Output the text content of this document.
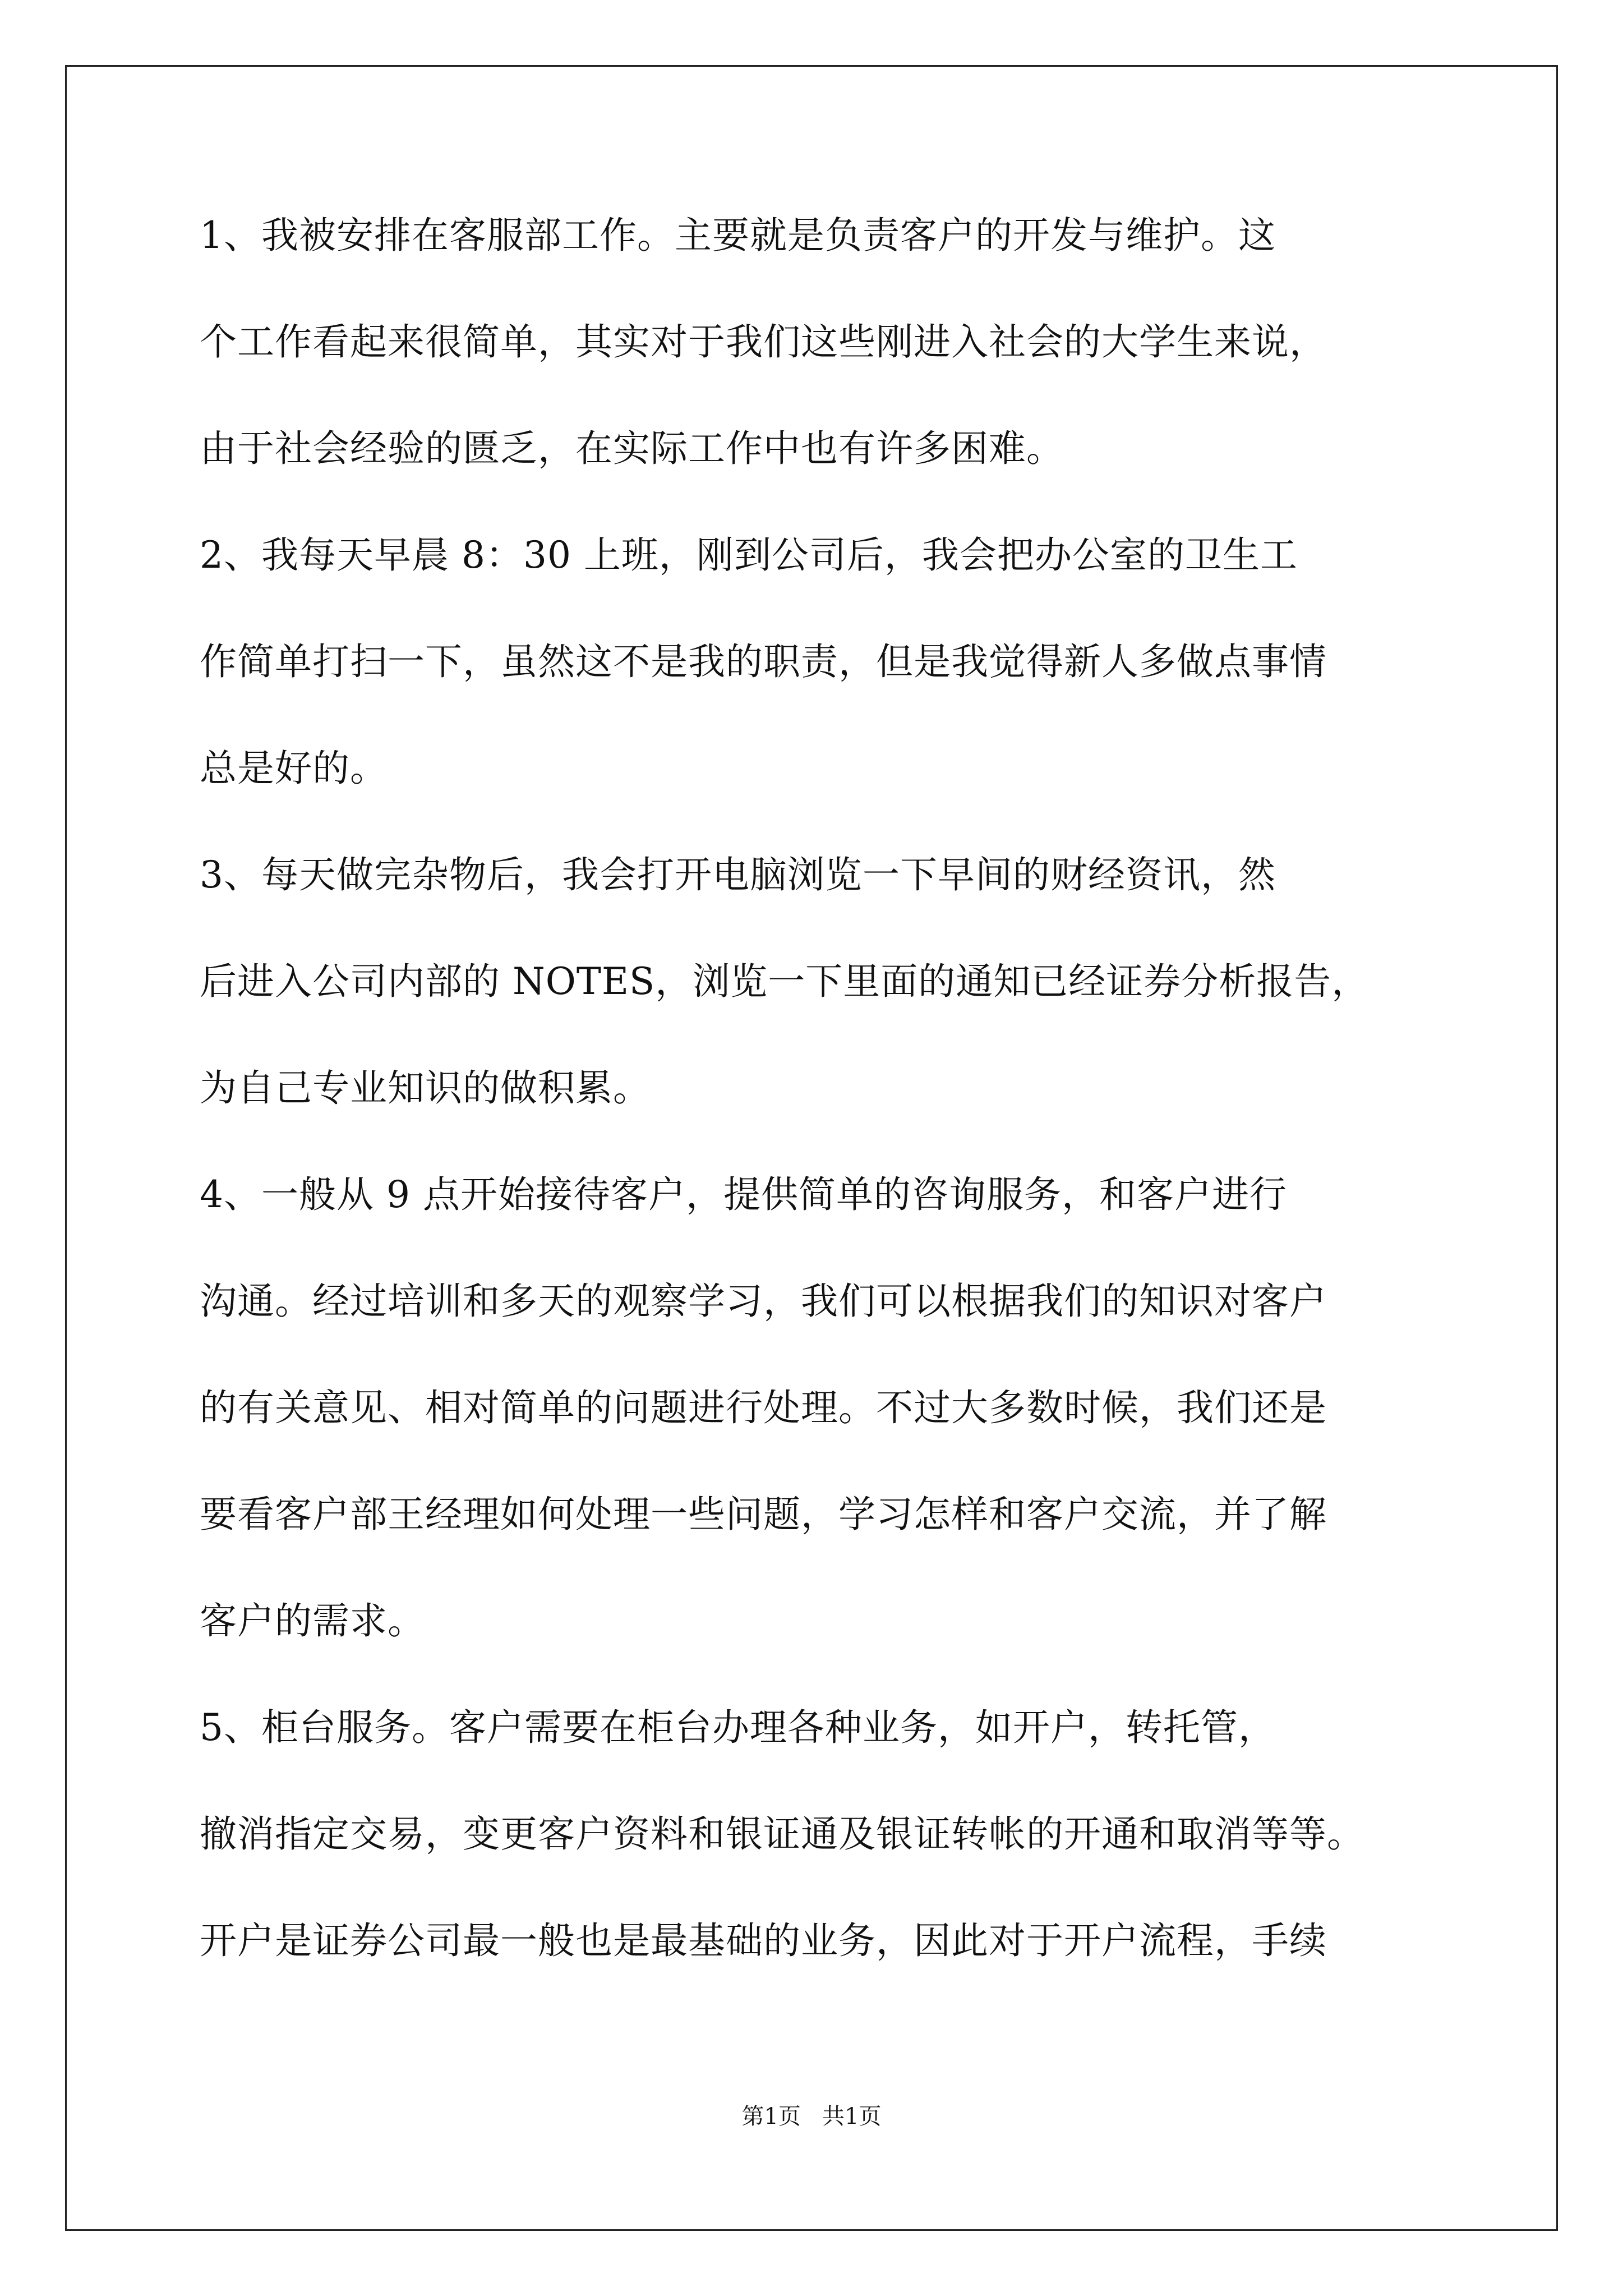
1、我被安排在客服部工作。主要就是负责客户的开发与维护。这
个工作看起来很简单，其实对于我们这些刚进入社会的大学生来说，
由于社会经验的匮乏，在实际工作中也有许多困难。
2、我每天早晨 8：30 上班，刚到公司后，我会把办公室的卫生工
作简单打扫一下，虽然这不是我的职责，但是我觉得新人多做点事情
总是好的。
3、每天做完杂物后，我会打开电脑浏览一下早间的财经资讯，然
后进入公司内部的 NOTES，浏览一下里面的通知已经证券分析报告，
为自己专业知识的做积累。
4、一般从 9 点开始接待客户，提供简单的咨询服务，和客户进行
沟通。经过培训和多天的观察学习，我们可以根据我们的知识对客户
的有关意见、相对简单的问题进行处理。不过大多数时候，我们还是
要看客户部王经理如何处理一些问题，学习怎样和客户交流，并了解
客户的需求。
5、柜台服务。客户需要在柜台办理各种业务，如开户，转托管，
撤消指定交易，变更客户资料和银证通及银证转帐的开通和取消等等。
开户是证券公司最一般也是最基础的业务，因此对于开户流程，手续
第1页   共1页
